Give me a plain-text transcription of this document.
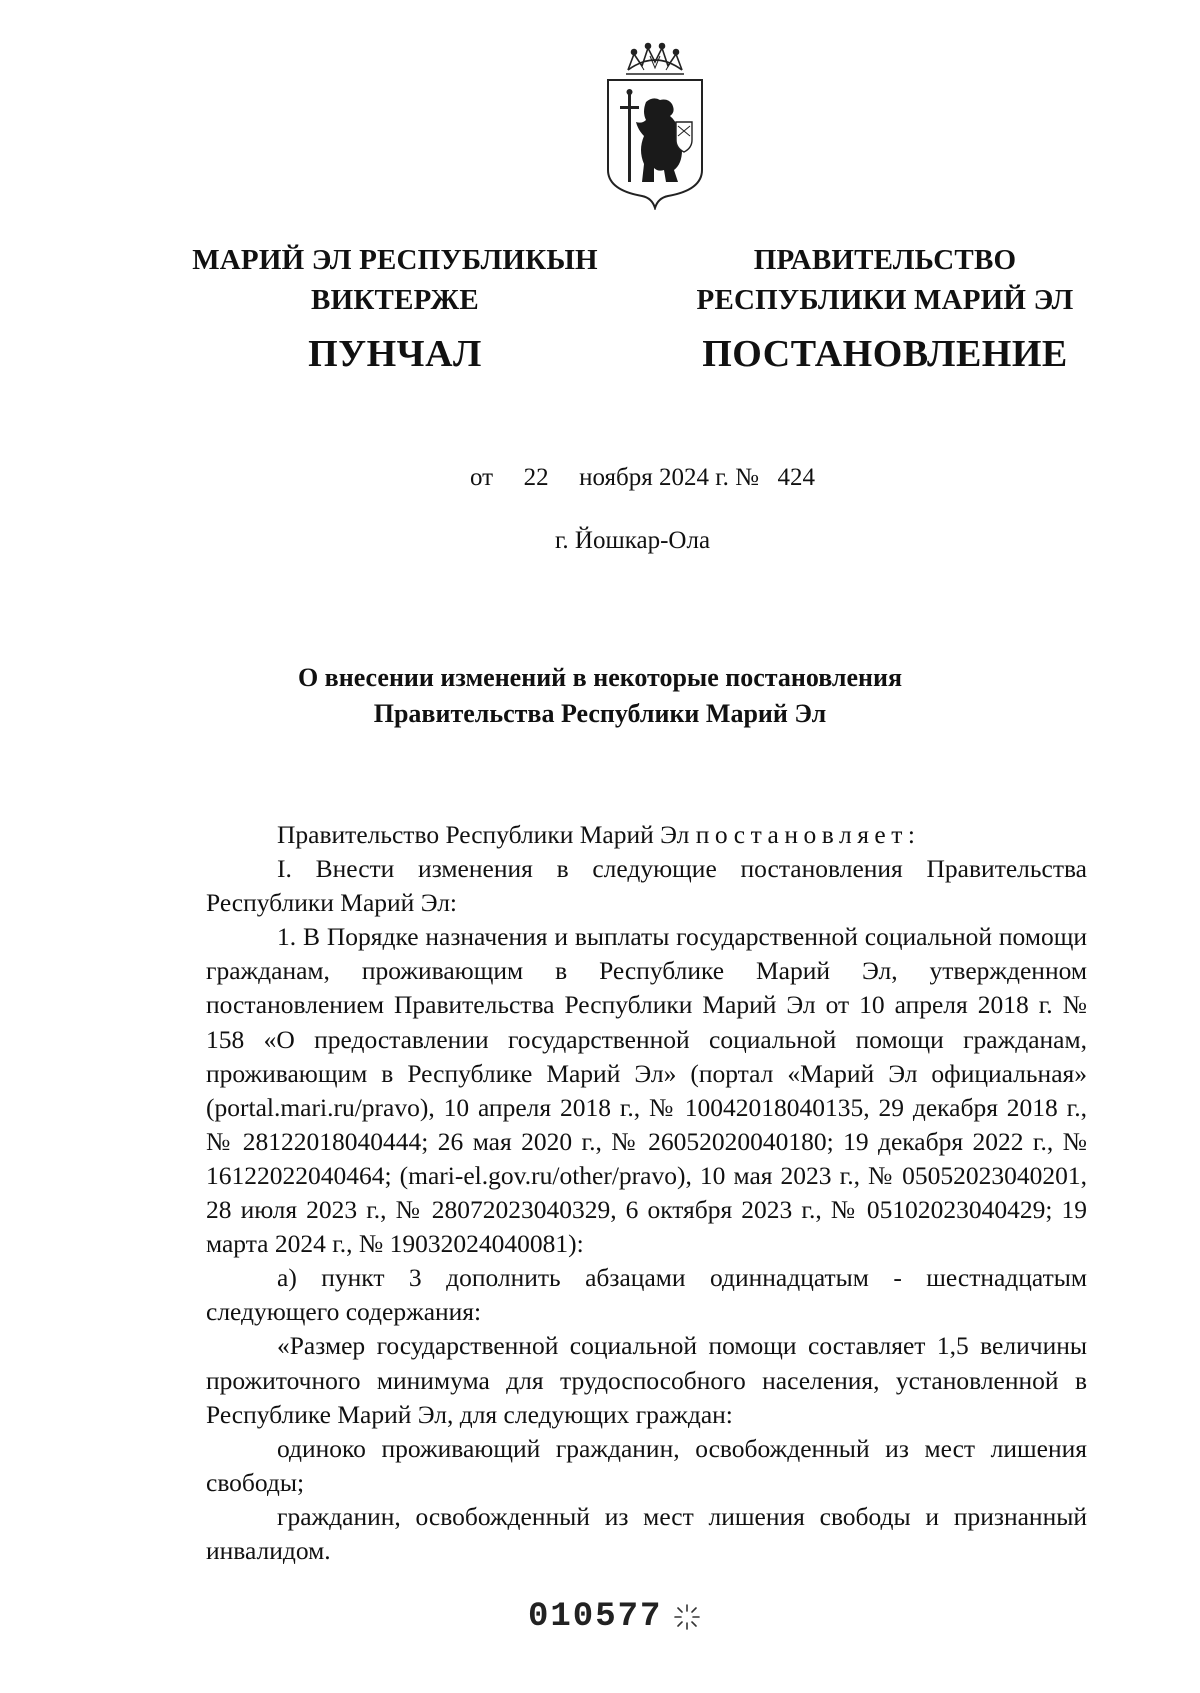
МАРИЙ ЭЛ РЕСПУБЛИКЫН
ВИКТЕРЖЕ
ПУНЧАЛ
ПРАВИТЕЛЬСТВО
РЕСПУБЛИКИ МАРИЙ ЭЛ
ПОСТАНОВЛЕНИЕ
от 22 ноября 2024 г. № 424
г. Йошкар-Ола
О внесении изменений в некоторые постановления
Правительства Республики Марий Эл

Правительство Республики Марий Эл постановляет:

I. Внести изменения в следующие постановления Правительства Республики Марий Эл:

1. В Порядке назначения и выплаты государственной социальной помощи гражданам, проживающим в Республике Марий Эл, утвержденном постановлением Правительства Республики Марий Эл от 10 апреля 2018 г. № 158 «О предоставлении государственной социальной помощи гражданам, проживающим в Республике Марий Эл» (портал «Марий Эл официальная» (portal.mari.ru/pravo), 10 апреля 2018 г., № 10042018040135, 29 декабря 2018 г., № 28122018040444; 26 мая 2020 г., № 26052020040180; 19 декабря 2022 г., № 16122022040464; (mari-el.gov.ru/other/pravo), 10 мая 2023 г., № 05052023040201, 28 июля 2023 г., № 28072023040329, 6 октября 2023 г., № 05102023040429; 19 марта 2024 г., № 19032024040081):

а) пункт 3 дополнить абзацами одиннадцатым - шестнадцатым следующего содержания:

«Размер государственной социальной помощи составляет 1,5 величины прожиточного минимума для трудоспособного населения, установленной в Республике Марий Эл, для следующих граждан:

одиноко проживающий гражданин, освобожденный из мест лишения свободы;

гражданин, освобожденный из мест лишения свободы и признанный инвалидом.

010577
